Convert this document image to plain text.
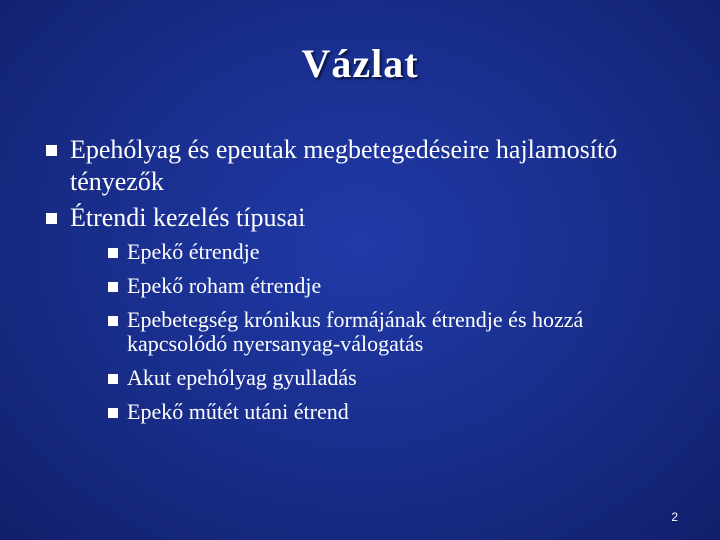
Vázlat
Epehólyag és epeutak megbetegedéseire hajlamosító tényezők
Étrendi kezelés típusai
Epekő étrendje
Epekő roham étrendje
Epebetegség krónikus formájának étrendje és hozzá kapcsolódó nyersanyag-válogatás
Akut epehólyag gyulladás
Epekő műtét utáni étrend
2
